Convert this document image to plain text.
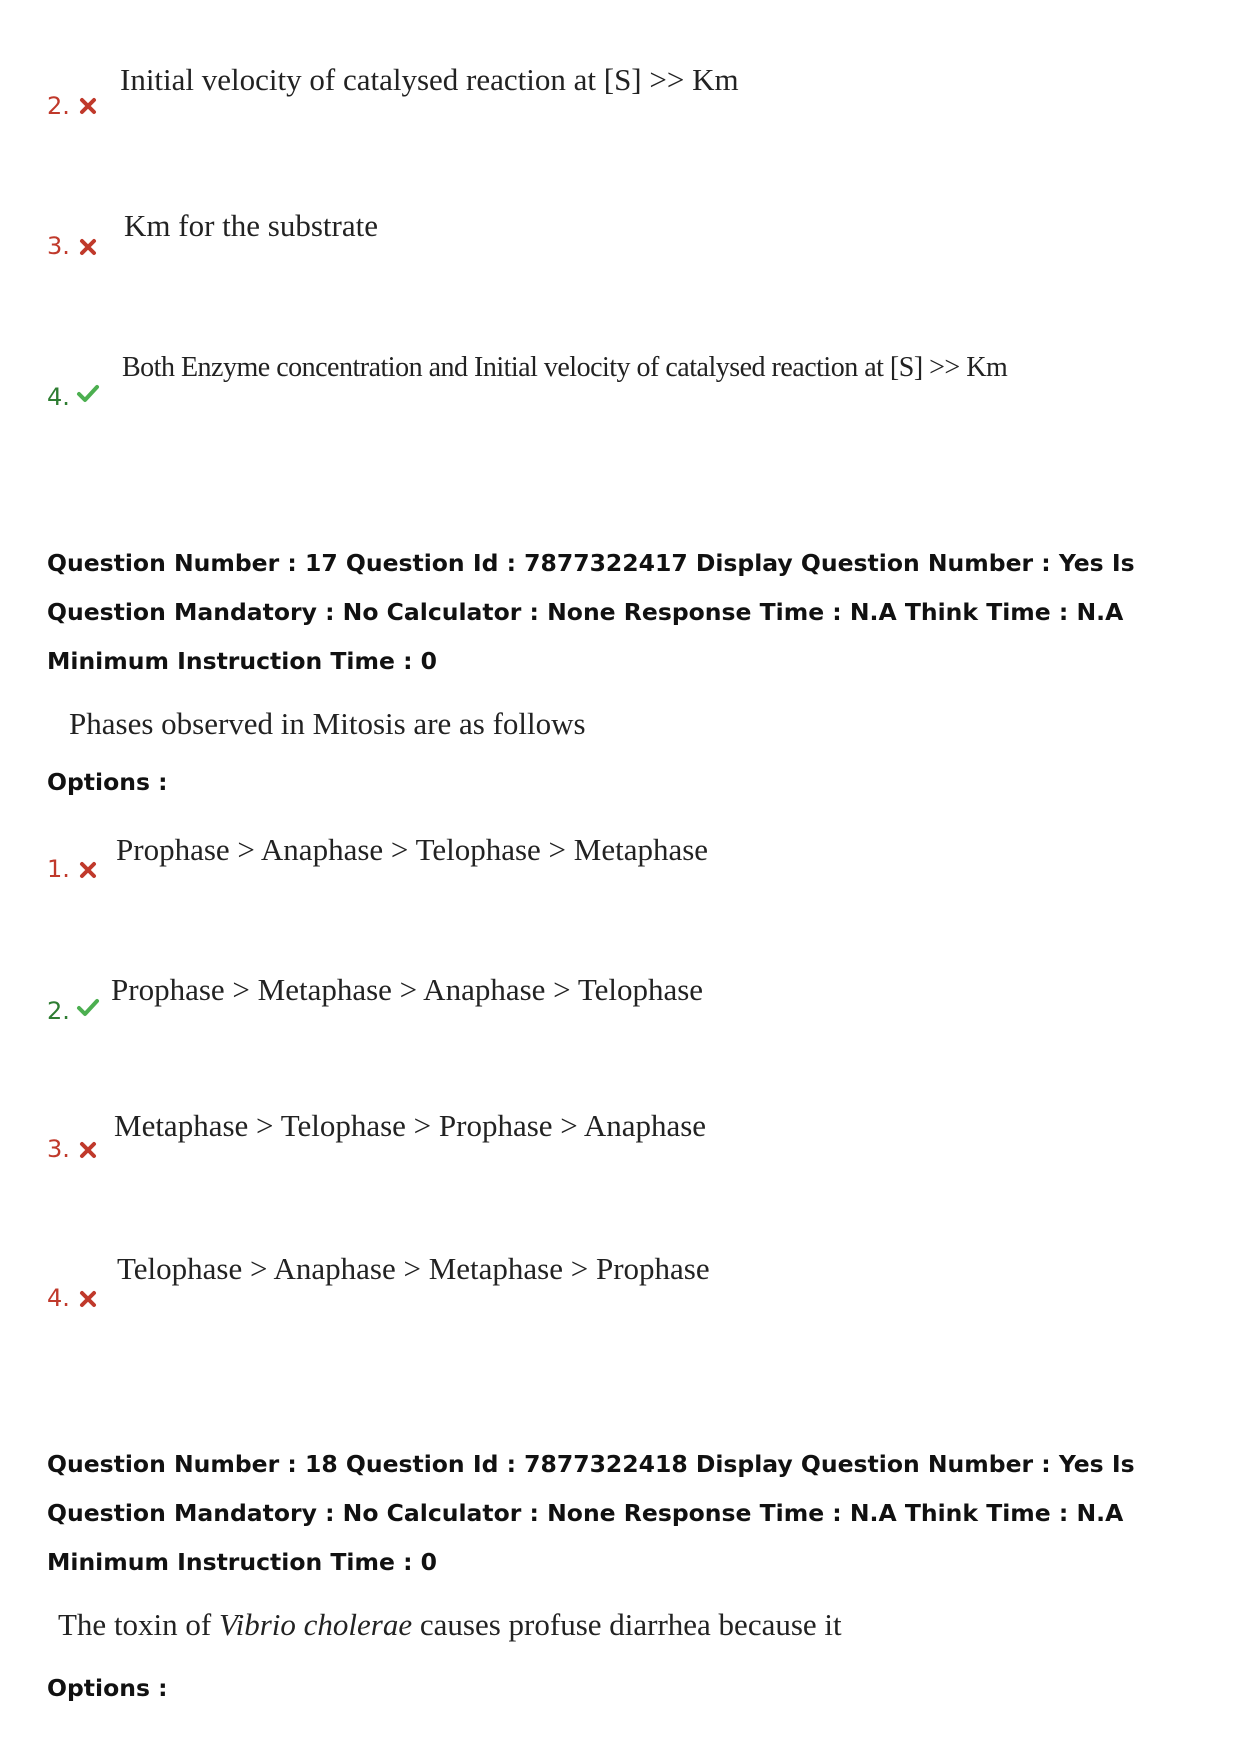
2.
Initial velocity of catalysed reaction at [S] >> Km
3.
Km for the substrate
4.
Both Enzyme concentration and Initial velocity of catalysed reaction at [S] >> Km
Question Number : 17 Question Id : 7877322417 Display Question Number : Yes Is Question Mandatory : No Calculator : None Response Time : N.A Think Time : N.A Minimum Instruction Time : 0
Phases observed in Mitosis are as follows
Options :
1.
Prophase > Anaphase > Telophase > Metaphase
2.
Prophase > Metaphase > Anaphase > Telophase
3.
Metaphase > Telophase > Prophase > Anaphase
4.
Telophase > Anaphase > Metaphase > Prophase
Question Number : 18 Question Id : 7877322418 Display Question Number : Yes Is Question Mandatory : No Calculator : None Response Time : N.A Think Time : N.A Minimum Instruction Time : 0
The toxin of Vibrio cholerae causes profuse diarrhea because it
Options :
